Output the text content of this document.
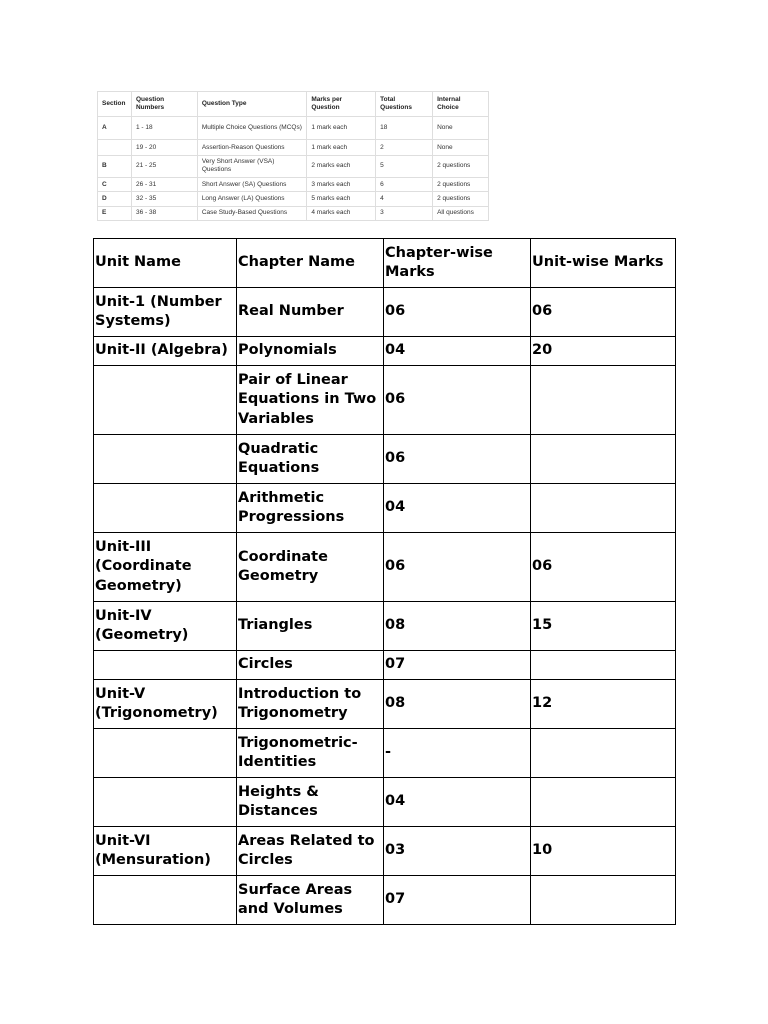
Section	Question Numbers	Question Type	Marks per Question	Total Questions	Internal Choice
A	1 - 18	Multiple Choice Questions (MCQs)	1 mark each	18	None
	19 - 20	Assertion-Reason Questions	1 mark each	2	None
B	21 - 25	Very Short Answer (VSA) Questions	2 marks each	5	2 questions
C	26 - 31	Short Answer (SA) Questions	3 marks each	6	2 questions
D	32 - 35	Long Answer (LA) Questions	5 marks each	4	2 questions
E	36 - 38	Case Study-Based Questions	4 marks each	3	All questions
Unit Name	Chapter Name	Chapter-wise Marks	Unit-wise Marks
Unit-1 (Number Systems)	Real Number	06	06
Unit-II (Algebra)	Polynomials	04	20
	Pair of Linear Equations in Two Variables	06	
	Quadratic Equations	06	
	Arithmetic Progressions	04	
Unit-III (Coordinate Geometry)	Coordinate Geometry	06	06
Unit-IV (Geometry)	Triangles	08	15
	Circles	07	
Unit-V (Trigonometry)	Introduction to Trigonometry	08	12
	Trigonometric-Identities	-	
	Heights & Distances	04	
Unit-VI (Mensuration)	Areas Related to Circles	03	10
	Surface Areas and Volumes	07	
